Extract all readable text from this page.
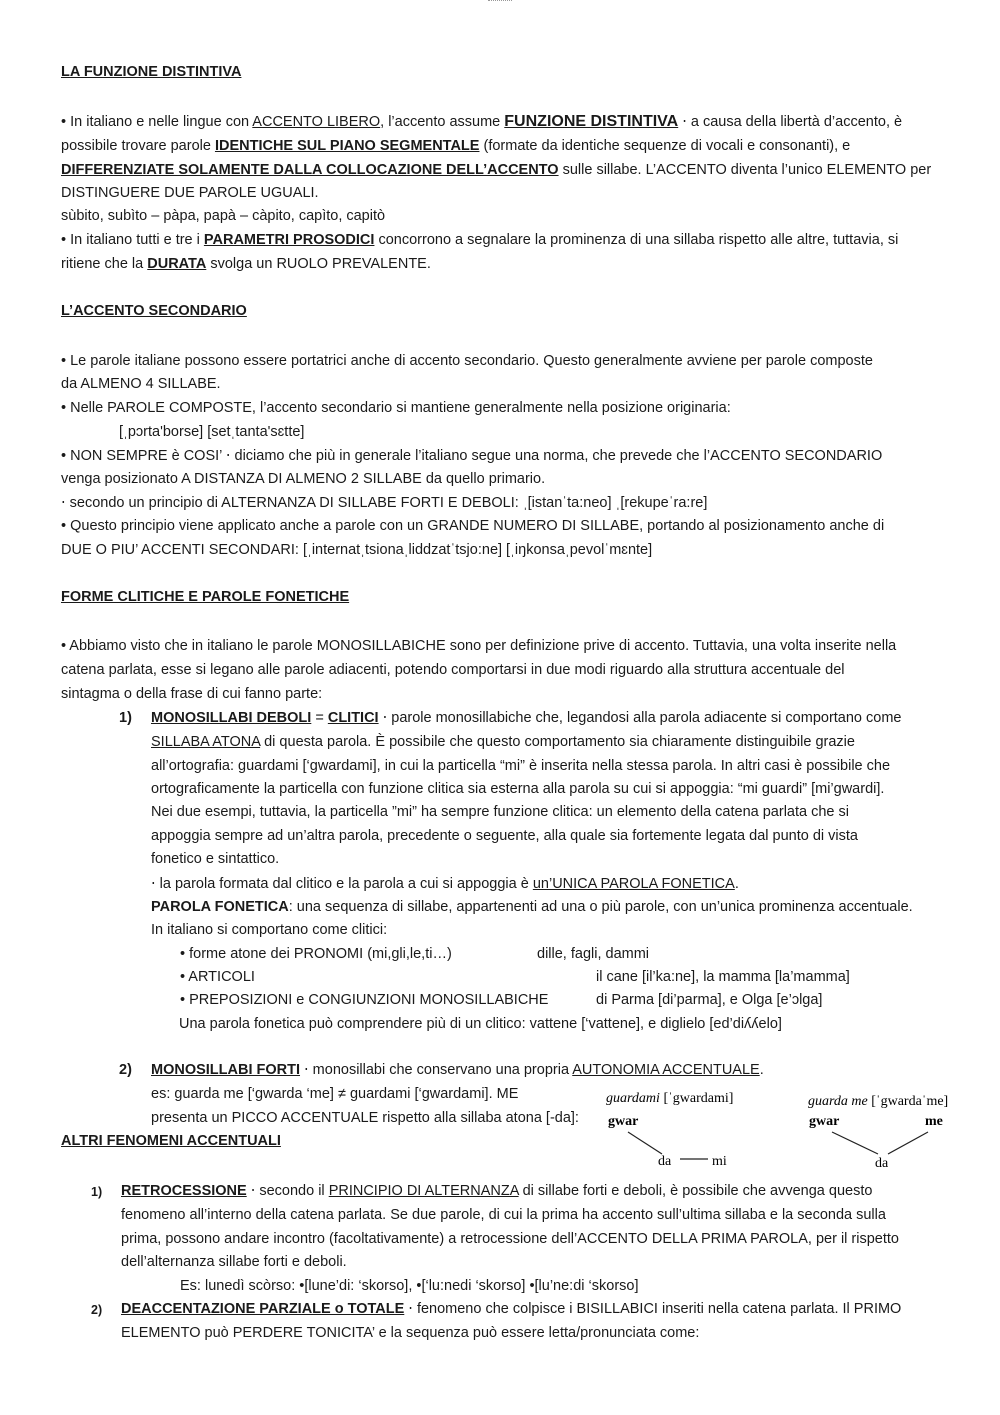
LA FUNZIONE DISTINTIVA
• In italiano e nelle lingue con ACCENTO LIBERO, l’accento assume FUNZIONE DISTINTIVA ⋅ a causa della libertà d’accento, è
possibile trovare parole IDENTICHE SUL PIANO SEGMENTALE (formate da identiche sequenze di vocali e consonanti), e
DIFFERENZIATE SOLAMENTE DALLA COLLOCAZIONE DELL’ACCENTO sulle sillabe. L’ACCENTO diventa l’unico ELEMENTO per
DISTINGUERE DUE PAROLE UGUALI.
sùbito, subìto – pàpa, papà – càpito, capìto, capitò
• In italiano tutti e tre i PARAMETRI PROSODICI concorrono a segnalare la prominenza di una sillaba rispetto alle altre, tuttavia, si
ritiene che la DURATA svolga un RUOLO PREVALENTE.
L’ACCENTO SECONDARIO
• Le parole italiane possono essere portatrici anche di accento secondario. Questo generalmente avviene per parole composte
da ALMENO 4 SILLABE.
• Nelle PAROLE COMPOSTE, l’accento secondario si mantiene generalmente nella posizione originaria:
[ˌpɔrta'borse] [setˌtanta'sɛtte]
• NON SEMPRE è COSI’ ⋅ diciamo che più in generale l’italiano segue una norma, che prevede che l’ACCENTO SECONDARIO
venga posizionato A DISTANZA DI ALMENO 2 SILLABE da quello primario.
⋅ secondo un principio di ALTERNANZA DI SILLABE FORTI E DEBOLI: ˌ[istanˈta:neo] ˌ[rekupeˈra:re]
• Questo principio viene applicato anche a parole con un GRANDE NUMERO DI SILLABE, portando al posizionamento anche di
DUE O PIU’ ACCENTI SECONDARI: [ˌinternatˌtsionaˌliddzatˈtsjo:ne] [ˌiŋkonsaˌpevolˈmɛnte]
FORME CLITICHE E PAROLE FONETICHE
• Abbiamo visto che in italiano le parole MONOSILLABICHE sono per definizione prive di accento. Tuttavia, una volta inserite nella
catena parlata, esse si legano alle parole adiacenti, potendo comportarsi in due modi riguardo alla struttura accentuale del
sintagma o della frase di cui fanno parte:
1) MONOSILLABI DEBOLI = CLITICI ⋅ parole monosillabiche che, legandosi alla parola adiacente si comportano come
SILLABA ATONA di questa parola. È possibile che questo comportamento sia chiaramente distinguibile grazie
all’ortografia: guardami [‘gwardami], in cui la particella “mi” è inserita nella stessa parola. In altri casi è possibile che
ortograficamente la particella con funzione clitica sia esterna alla parola su cui si appoggia: “mi guardi” [mi’gwardi].
Nei due esempi, tuttavia, la particella ”mi” ha sempre funzione clitica: un elemento della catena parlata che si
appoggia sempre ad un’altra parola, precedente o seguente, alla quale sia fortemente legata dal punto di vista
fonetico e sintattico.
⋅ la parola formata dal clitico e la parola a cui si appoggia è un’UNICA PAROLA FONETICA.
PAROLA FONETICA: una sequenza di sillabe, appartenenti ad una o più parole, con un’unica prominenza accentuale.
In italiano si comportano come clitici:
• forme atone dei PRONOMI (mi,gli,le,ti…)	dille, fagli, dammi
• ARTICOLI	il cane [il’ka:ne], la mamma [la’mamma]
• PREPOSIZIONI e CONGIUNZIONI MONOSILLABICHE	di Parma [di’parma], e Olga [e’ɔlga]
Una parola fonetica può comprendere più di un clitico: vattene [‘vattene], e diglielo [ed’diʎʎelo]
2) MONOSILLABI FORTI ⋅ monosillabi che conservano una propria AUTONOMIA ACCENTUALE.
es: guarda me [‘gwarda ‘me] ≠ guardami [‘gwardami]. ME
presenta un PICCO ACCENTUALE rispetto alla sillaba atona [-da]:
guardami [ˈgwardami]
gwar
da	mi
guarda me [ˈgwardaˈme]
gwar	me
da
ALTRI FENOMENI ACCENTUALI
1) RETROCESSIONE ⋅ secondo il PRINCIPIO DI ALTERNANZA di sillabe forti e deboli, è possibile che avvenga questo
fenomeno all’interno della catena parlata. Se due parole, di cui la prima ha accento sull’ultima sillaba e la seconda sulla
prima, possono andare incontro (facoltativamente) a retrocessione dell’ACCENTO DELLA PRIMA PAROLA, per il rispetto
dell’alternanza sillabe forti e deboli.
Es: lunedì scòrso: •[lune’di: ‘skorso], •[‘lu:nedi ‘skorso] •[lu’ne:di ‘skorso]
2) DEACCENTAZIONE PARZIALE o TOTALE ⋅ fenomeno che colpisce i BISILLABICI inseriti nella catena parlata. Il PRIMO
ELEMENTO può PERDERE TONICITA’ e la sequenza può essere letta/pronunciata come:
